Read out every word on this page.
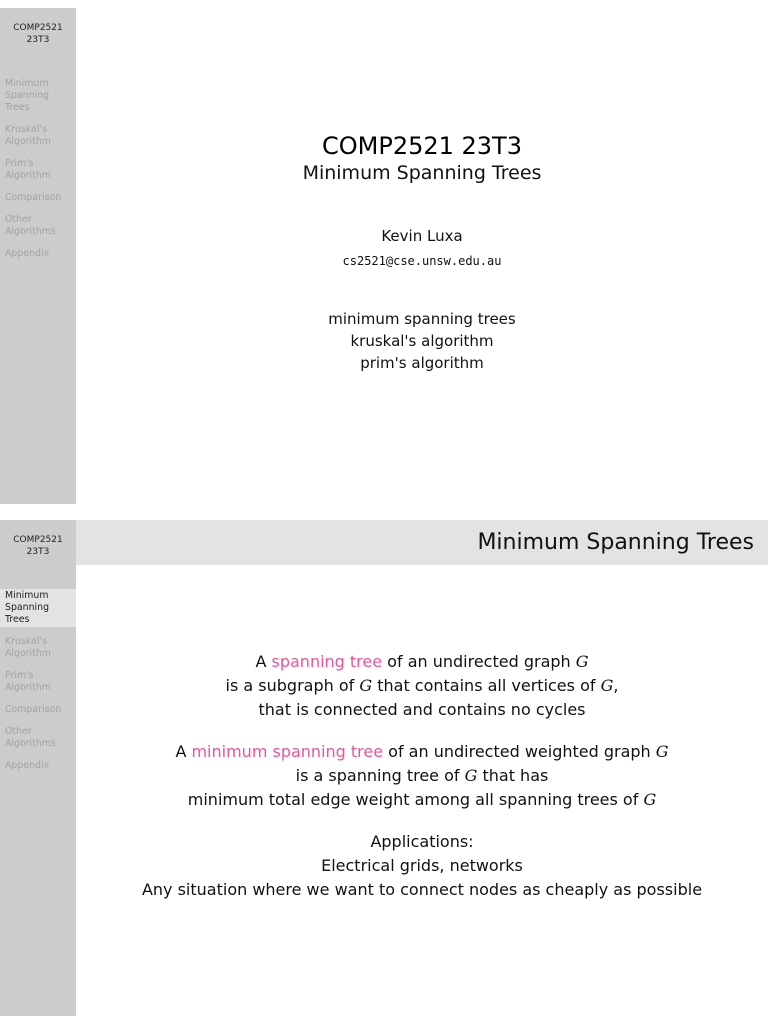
COMP2521
23T3
Minimum
Spanning
Trees
Kruskal's
Algorithm
Prim's
Algorithm
Comparison
Other
Algorithms
Appendix
COMP2521 23T3
Minimum Spanning Trees
Kevin Luxa
cs2521@cse.unsw.edu.au
minimum spanning trees
kruskal's algorithm
prim's algorithm
COMP2521
23T3
Minimum
Spanning
Trees
Kruskal's
Algorithm
Prim's
Algorithm
Comparison
Other
Algorithms
Appendix
Minimum Spanning Trees
A spanning tree of an undirected graph G
is a subgraph of G that contains all vertices of G,
that is connected and contains no cycles
A minimum spanning tree of an undirected weighted graph G
is a spanning tree of G that has
minimum total edge weight among all spanning trees of G
Applications:
Electrical grids, networks
Any situation where we want to connect nodes as cheaply as possible
